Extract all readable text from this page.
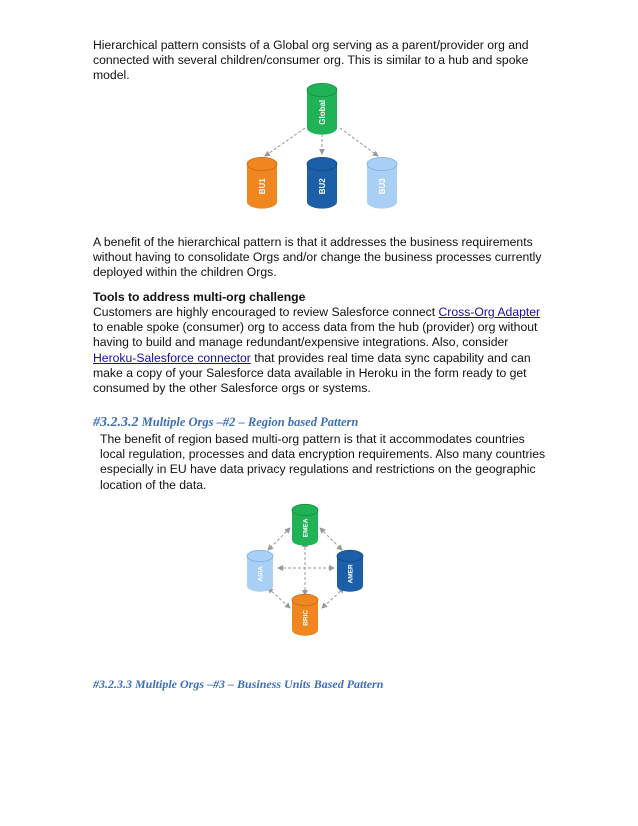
Hierarchical pattern consists of a Global org serving as a parent/provider org and connected with several children/consumer org. This is similar to a hub and spoke model.
Global
BU1	BU2	BU3
A benefit of the hierarchical pattern is that it addresses the business requirements without having to consolidate Orgs and/or change the business processes currently deployed within the children Orgs.
Tools to address multi-org challenge
Customers are highly encouraged to review Salesforce connect Cross-Org Adapter to enable spoke (consumer) org to access data from the hub (provider) org without having to build and manage redundant/expensive integrations. Also, consider Heroku-Salesforce connector that provides real time data sync capability and can make a copy of your Salesforce data available in Heroku in the form ready to get consumed by the other Salesforce orgs or systems.
#3.2.3.2 Multiple Orgs –#2 – Region based Pattern
The benefit of region based multi-org pattern is that it accommodates countries local regulation, processes and data encryption requirements. Also many countries especially in EU have data privacy regulations and restrictions on the geographic location of the data.
EMEA
ASIA	AMER
BRIC
#3.2.3.3 Multiple Orgs –#3 – Business Units Based Pattern
